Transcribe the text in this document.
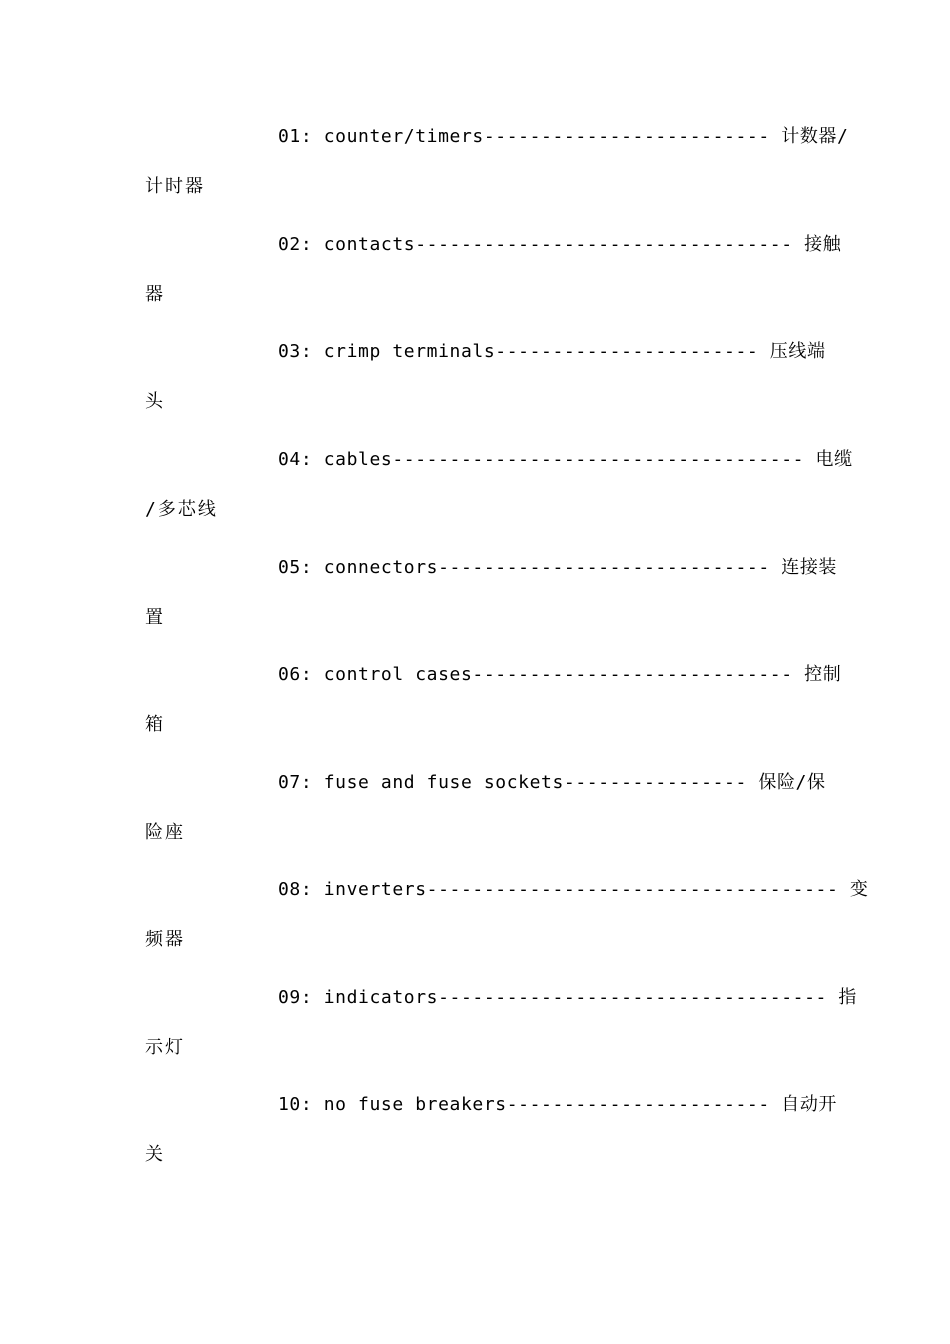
01: counter/timers------------------------- 计数器/
计时器
02: contacts--------------------------------- 接触
器
03: crimp terminals----------------------- 压线端
头
04: cables------------------------------------ 电缆
/多芯线
05: connectors----------------------------- 连接装
置
06: control cases---------------------------- 控制
箱
07: fuse and fuse sockets---------------- 保险/保
险座
08: inverters------------------------------------ 变
频器
09: indicators---------------------------------- 指
示灯
10: no fuse breakers----------------------- 自动开
关
